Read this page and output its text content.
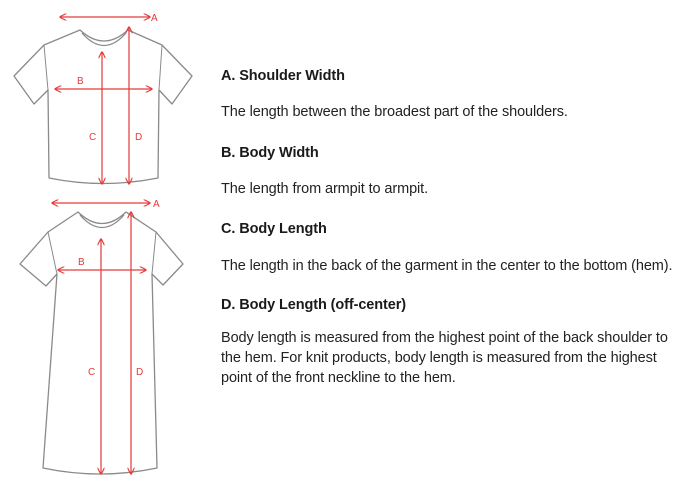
A
B
C	D
A
B
C	D

A. Shoulder Width

The length between the broadest part of the shoulders.

B. Body Width

The length from armpit to armpit.

C. Body Length

The length in the back of the garment in the center to the bottom (hem).

D. Body Length (off-center)

Body length is measured from the highest point of the back shoulder to the hem. For knit products, body length is measured from the highest point of the front neckline to the hem.
